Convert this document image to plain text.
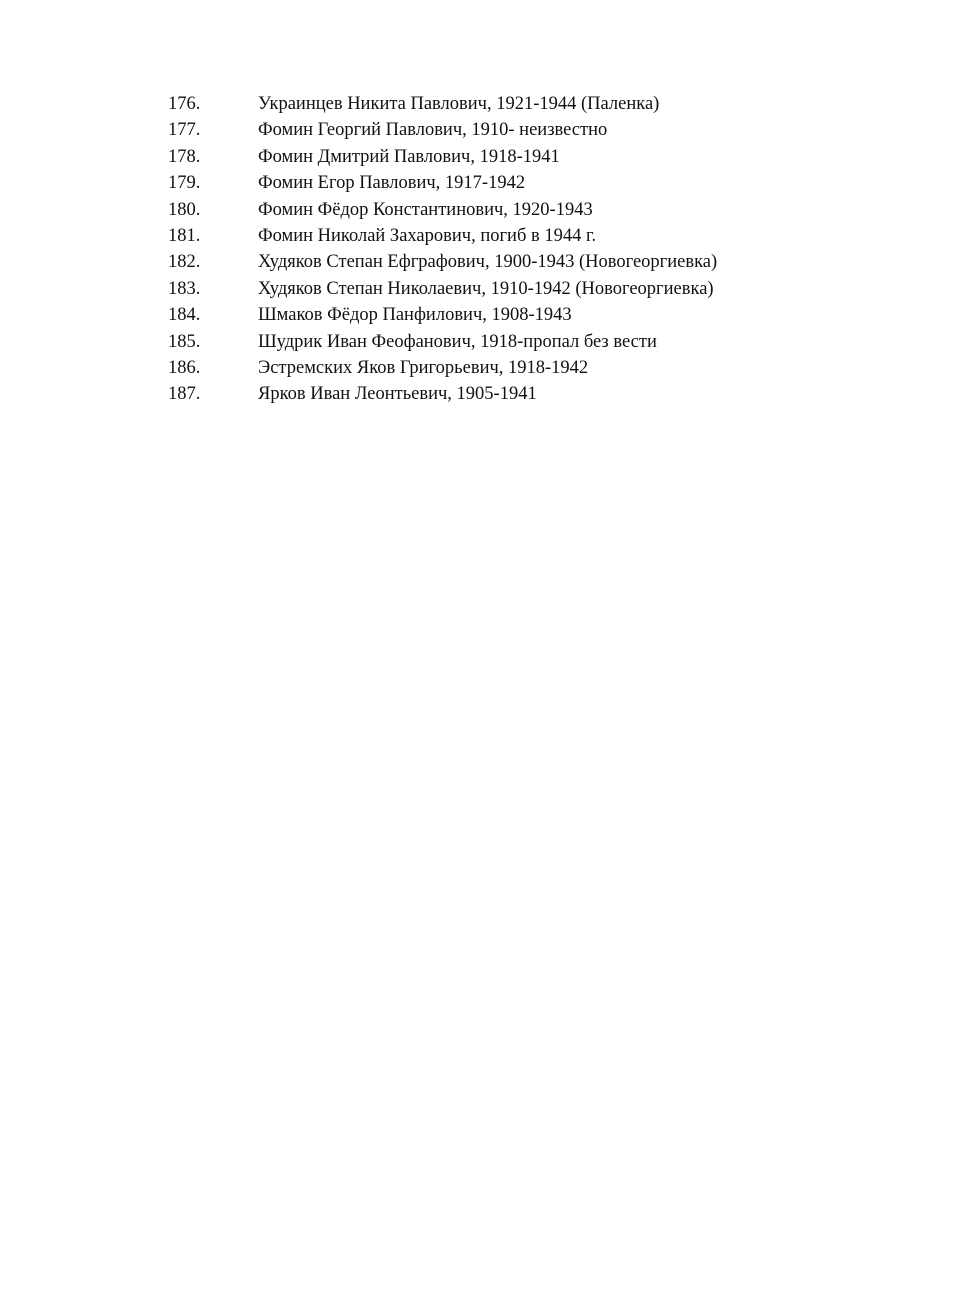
176.	Украинцев Никита Павлович, 1921-1944 (Паленка)
177.	Фомин Георгий Павлович, 1910- неизвестно
178.	Фомин Дмитрий Павлович, 1918-1941
179.	Фомин Егор Павлович, 1917-1942
180.	Фомин Фёдор Константинович, 1920-1943
181.	Фомин Николай Захарович, погиб в 1944 г.
182.	Худяков Степан Ефграфович, 1900-1943 (Новогеоргиевка)
183.	Худяков Степан Николаевич, 1910-1942 (Новогеоргиевка)
184.	Шмаков Фёдор Панфилович, 1908-1943
185.	Шудрик Иван Феофанович, 1918-пропал без вести
186.	Эстремских Яков Григорьевич, 1918-1942
187.	Ярков Иван Леонтьевич, 1905-1941
